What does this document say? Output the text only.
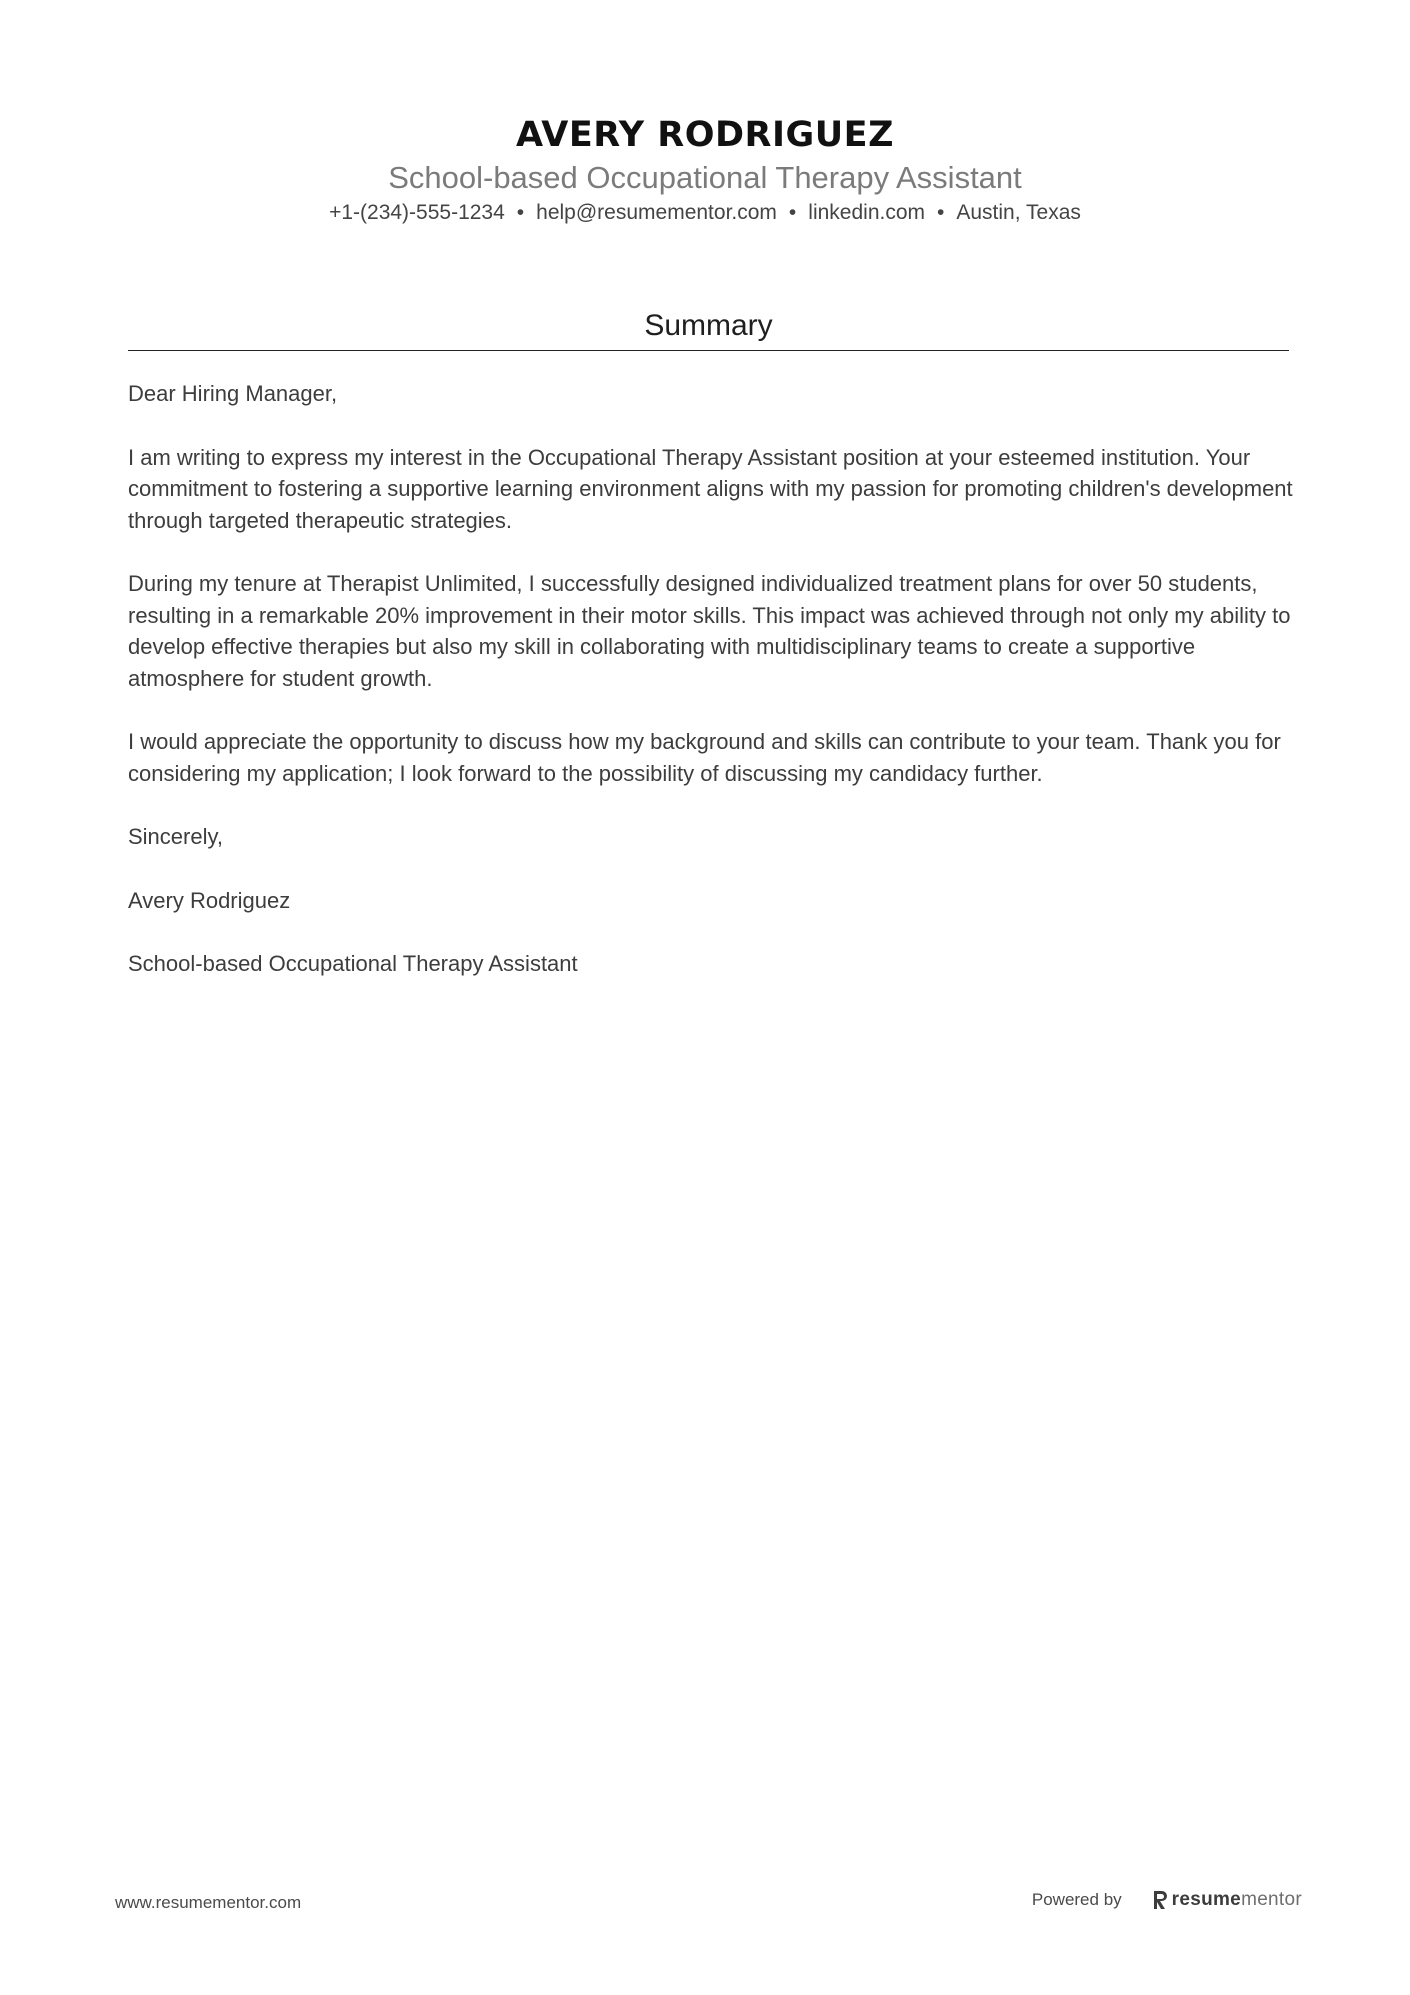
AVERY RODRIGUEZ
School-based Occupational Therapy Assistant
+1-(234)-555-1234 • help@resumementor.com • linkedin.com • Austin, Texas
Summary

Dear Hiring Manager,

I am writing to express my interest in the Occupational Therapy Assistant position at your esteemed institution. Your commitment to fostering a supportive learning environment aligns with my passion for promoting children's development through targeted therapeutic strategies.

During my tenure at Therapist Unlimited, I successfully designed individualized treatment plans for over 50 students, resulting in a remarkable 20% improvement in their motor skills. This impact was achieved through not only my ability to develop effective therapies but also my skill in collaborating with multidisciplinary teams to create a supportive atmosphere for student growth.

I would appreciate the opportunity to discuss how my background and skills can contribute to your team. Thank you for considering my application; I look forward to the possibility of discussing my candidacy further.

Sincerely,

Avery Rodriguez

School-based Occupational Therapy Assistant

www.resumementor.com	Powered by	resume mentor
